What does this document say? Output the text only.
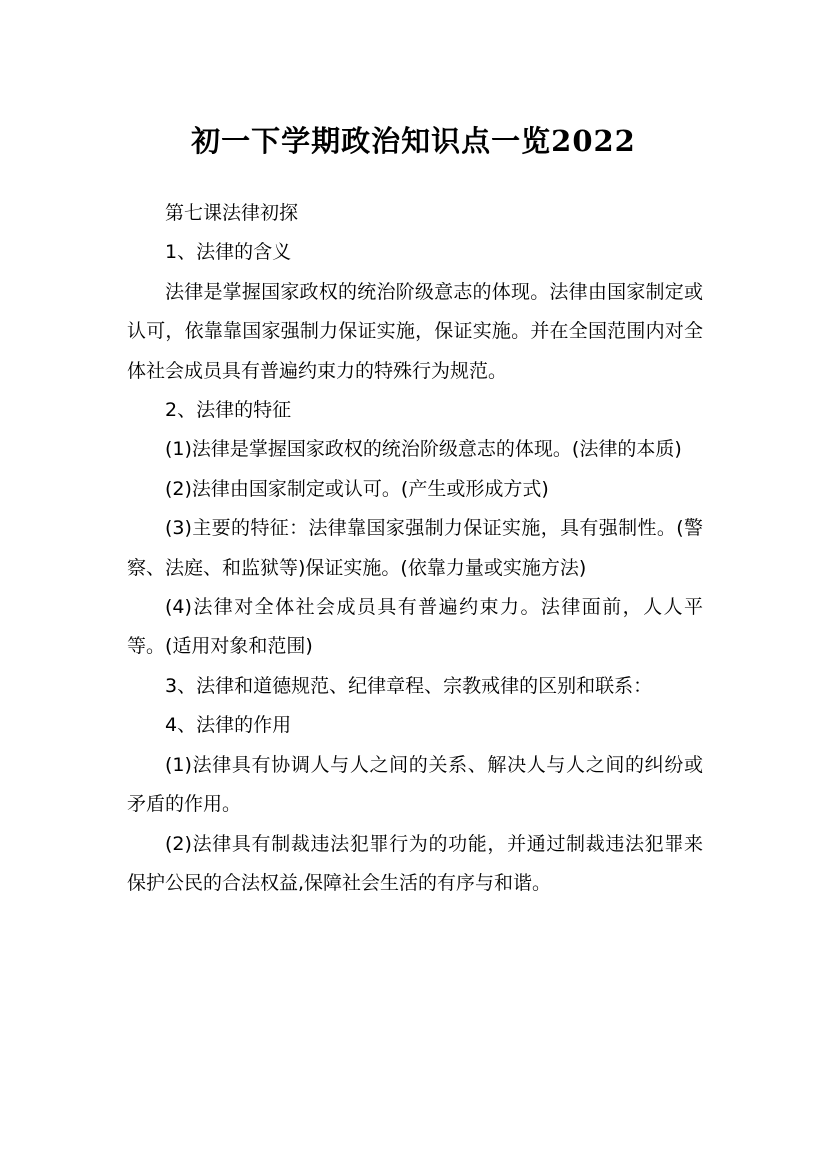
初一下学期政治知识点一览2022

第七课法律初探

1、法律的含义

法律是掌握国家政权的统治阶级意志的体现。法律由国家制定或认可，依靠靠国家强制力保证实施，保证实施。并在全国范围内对全体社会成员具有普遍约束力的特殊行为规范。

2、法律的特征

(1)法律是掌握国家政权的统治阶级意志的体现。(法律的本质)

(2)法律由国家制定或认可。(产生或形成方式)

(3)主要的特征：法律靠国家强制力保证实施，具有强制性。(警察、法庭、和监狱等)保证实施。(依靠力量或实施方法)

(4)法律对全体社会成员具有普遍约束力。法律面前，人人平等。(适用对象和范围)

3、法律和道德规范、纪律章程、宗教戒律的区别和联系：

4、法律的作用

(1)法律具有协调人与人之间的关系、解决人与人之间的纠纷或矛盾的作用。

(2)法律具有制裁违法犯罪行为的功能，并通过制裁违法犯罪来保护公民的合法权益,保障社会生活的有序与和谐。
